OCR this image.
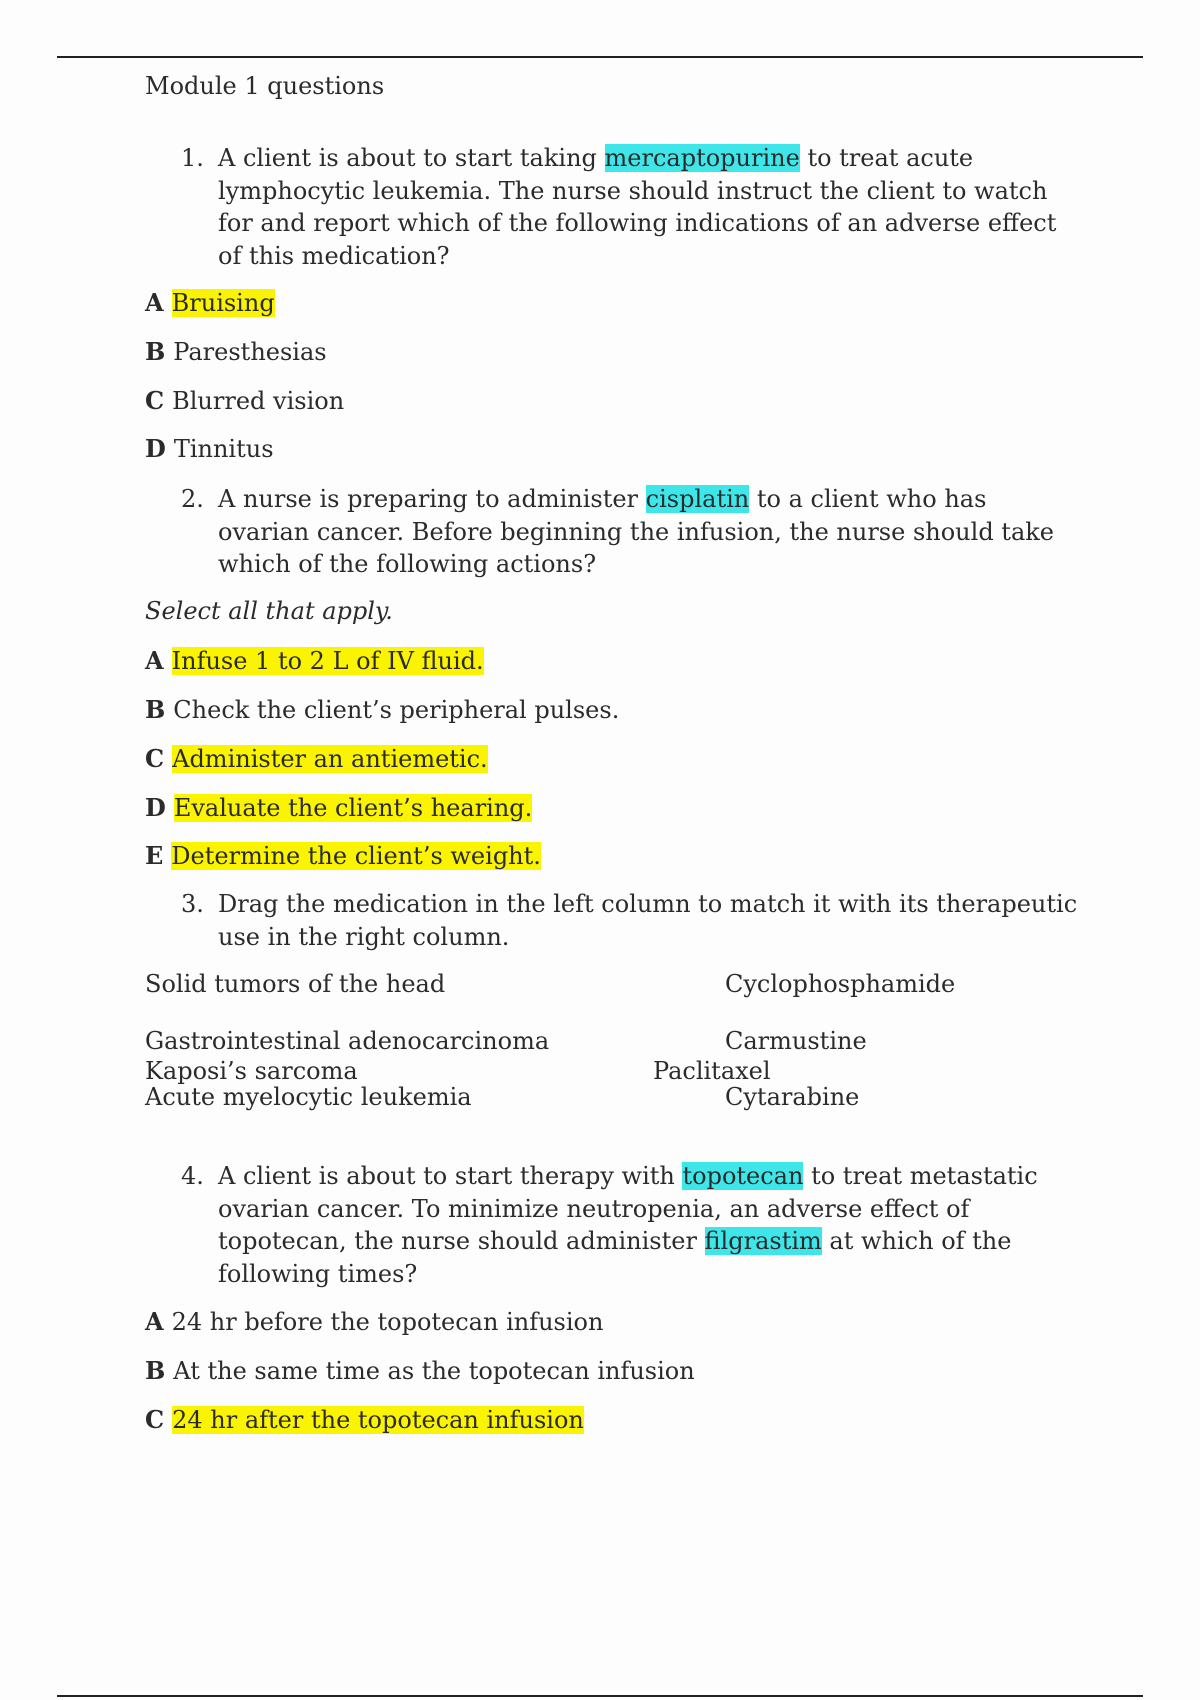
Module 1 questions
1. A client is about to start taking mercaptopurine to treat acute
lymphocytic leukemia. The nurse should instruct the client to watch
for and report which of the following indications of an adverse effect
of this medication?
A Bruising
B Paresthesias
C Blurred vision
D Tinnitus
2. A nurse is preparing to administer cisplatin to a client who has
ovarian cancer. Before beginning the infusion, the nurse should take
which of the following actions?
Select all that apply.
A Infuse 1 to 2 L of IV fluid.
B Check the client’s peripheral pulses.
C Administer an antiemetic.
D Evaluate the client’s hearing.
E Determine the client’s weight.
3. Drag the medication in the left column to match it with its therapeutic
use in the right column.
Solid tumors of the head	Cyclophosphamide
Gastrointestinal adenocarcinoma	Carmustine
Kaposi’s sarcoma	Paclitaxel
Acute myelocytic leukemia	Cytarabine
4. A client is about to start therapy with topotecan to treat metastatic
ovarian cancer. To minimize neutropenia, an adverse effect of
topotecan, the nurse should administer filgrastim at which of the
following times?
A 24 hr before the topotecan infusion
B At the same time as the topotecan infusion
C 24 hr after the topotecan infusion
